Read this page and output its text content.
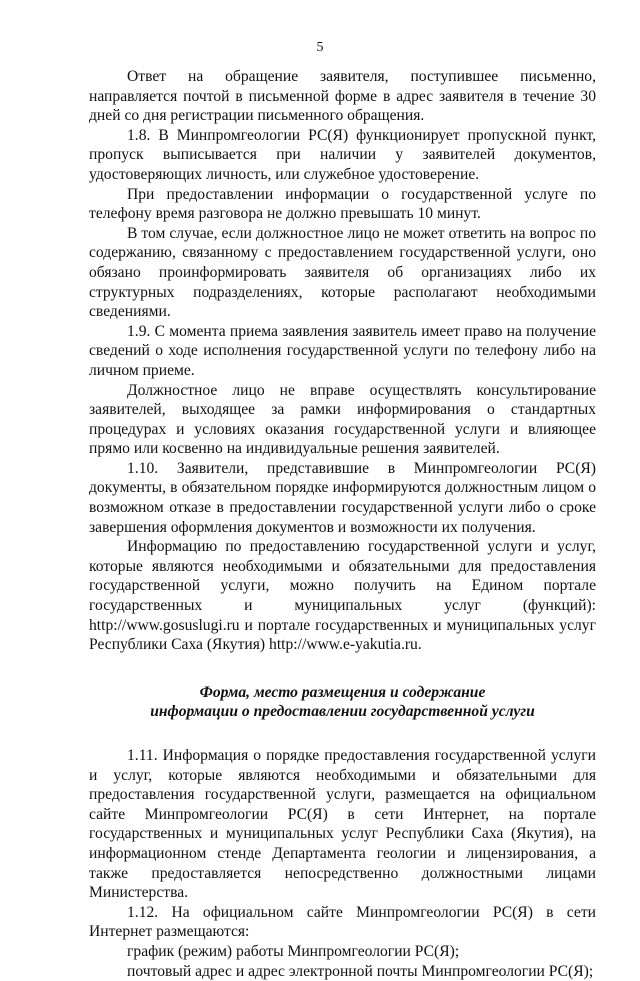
5

Ответ на обращение заявителя, поступившее письменно, направляется почтой в письменной форме в адрес заявителя в течение 30 дней со дня регистрации письменного обращения.

1.8. В Минпромгеологии РС(Я) функционирует пропускной пункт, пропуск выписывается при наличии у заявителей документов, удостоверяющих личность, или служебное удостоверение.

При предоставлении информации о государственной услуге по телефону время разговора не должно превышать 10 минут.

В том случае, если должностное лицо не может ответить на вопрос по содержанию, связанному с предоставлением государственной услуги, оно обязано проинформировать заявителя об организациях либо их структурных подразделениях, которые располагают необходимыми сведениями.

1.9. С момента приема заявления заявитель имеет право на получение сведений о ходе исполнения государственной услуги по телефону либо на личном приеме.

Должностное лицо не вправе осуществлять консультирование заявителей, выходящее за рамки информирования о стандартных процедурах и условиях оказания государственной услуги и влияющее прямо или косвенно на индивидуальные решения заявителей.

1.10. Заявители, представившие в Минпромгеологии РС(Я) документы, в обязательном порядке информируются должностным лицом о возможном отказе в предоставлении государственной услуги либо о сроке завершения оформления документов и возможности их получения.

Информацию по предоставлению государственной услуги и услуг, которые являются необходимыми и обязательными для предоставления государственной услуги, можно получить на Едином портале государственных и муниципальных услуг (функций): http://www.gosuslugi.ru и портале государственных и муниципальных услуг Республики Саха (Якутия) http://www.e-yakutia.ru.

Форма, место размещения и содержание
информации о предоставлении государственной услуги

1.11. Информация о порядке предоставления государственной услуги и услуг, которые являются необходимыми и обязательными для предоставления государственной услуги, размещается на официальном сайте Минпромгеологии РС(Я) в сети Интернет, на портале государственных и муниципальных услуг Республики Саха (Якутия), на информационном стенде Департамента геологии и лицензирования, а также предоставляется непосредственно должностными лицами Министерства.

1.12. На официальном сайте Минпромгеологии РС(Я) в сети Интернет размещаются:

график (режим) работы Минпромгеологии РС(Я);

почтовый адрес и адрес электронной почты Минпромгеологии РС(Я);
